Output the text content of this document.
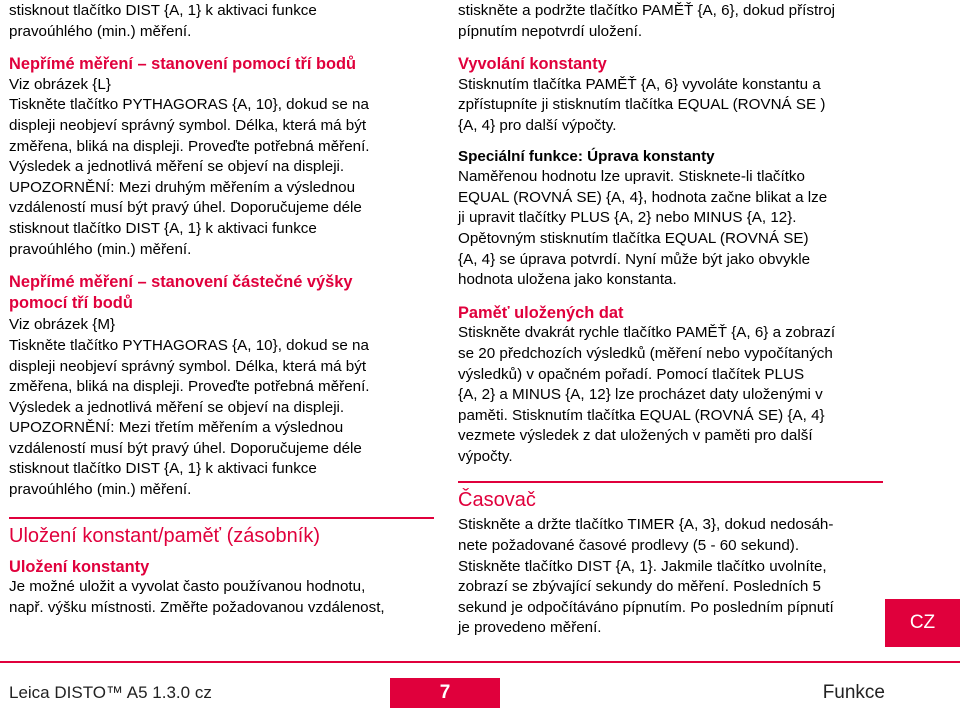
stisknout tlačítko DIST {A, 1} k aktivaci funkce

pravoúhlého (min.) měření.

Nepřímé měření – stanovení pomocí tří bodů

Viz obrázek {L}

Tiskněte tlačítko PYTHAGORAS {A, 10}, dokud se na

displeji neobjeví správný symbol. Délka, která má být

změřena, bliká na displeji. Proveďte potřebná měření.

Výsledek a jednotlivá měření se objeví na displeji.

UPOZORNĚNÍ: Mezi druhým měřením a výslednou

vzdáleností musí být pravý úhel. Doporučujeme déle

stisknout tlačítko DIST {A, 1} k aktivaci funkce

pravoúhlého (min.) měření.

Nepřímé měření – stanovení částečné výšky

pomocí tří bodů

Viz obrázek {M}

Tiskněte tlačítko PYTHAGORAS {A, 10}, dokud se na

displeji neobjeví správný symbol. Délka, která má být

změřena, bliká na displeji. Proveďte potřebná měření.

Výsledek a jednotlivá měření se objeví na displeji.

UPOZORNĚNÍ: Mezi třetím měřením a výslednou

vzdáleností musí být pravý úhel. Doporučujeme déle

stisknout tlačítko DIST {A, 1} k aktivaci funkce

pravoúhlého (min.) měření.

Uložení konstant/paměť (zásobník)

Uložení konstanty

Je možné uložit a vyvolat často používanou hodnotu,

např. výšku místnosti. Změřte požadovanou vzdálenost,

stiskněte a podržte tlačítko PAMĚŤ {A, 6}, dokud přístroj

pípnutím nepotvrdí uložení.

Vyvolání konstanty

Stisknutím tlačítka PAMĚŤ {A, 6} vyvoláte konstantu a

zpřístupníte ji stisknutím tlačítka EQUAL (ROVNÁ SE )

{A, 4} pro další výpočty.

Speciální funkce: Úprava konstanty

Naměřenou hodnotu lze upravit. Stisknete-li tlačítko

EQUAL (ROVNÁ SE) {A, 4}, hodnota začne blikat a lze

ji upravit tlačítky PLUS {A, 2} nebo MINUS {A, 12}.

Opětovným stisknutím tlačítka EQUAL (ROVNÁ SE)

{A, 4} se úprava potvrdí. Nyní může být jako obvykle

hodnota uložena jako konstanta.

Paměť uložených dat

Stiskněte dvakrát rychle tlačítko PAMĚŤ {A, 6} a zobrazí

se 20 předchozích výsledků (měření nebo vypočítaných

výsledků) v opačném pořadí. Pomocí tlačítek PLUS

{A, 2} a MINUS {A, 12} lze procházet daty uloženými v

paměti. Stisknutím tlačítka EQUAL (ROVNÁ SE) {A, 4}

vezmete výsledek z dat uložených v paměti pro další

výpočty.

Časovač

Stiskněte a držte tlačítko TIMER {A, 3}, dokud nedosáh-

nete požadované časové prodlevy (5 - 60 sekund).

Stiskněte tlačítko DIST {A, 1}. Jakmile tlačítko uvolníte,

zobrazí se zbývající sekundy do měření. Posledních 5

sekund je odpočítáváno pípnutím. Po posledním pípnutí

je provedeno měření.	CZ
Leica DISTO™ A5 1.3.0 cz	7	Funkce
